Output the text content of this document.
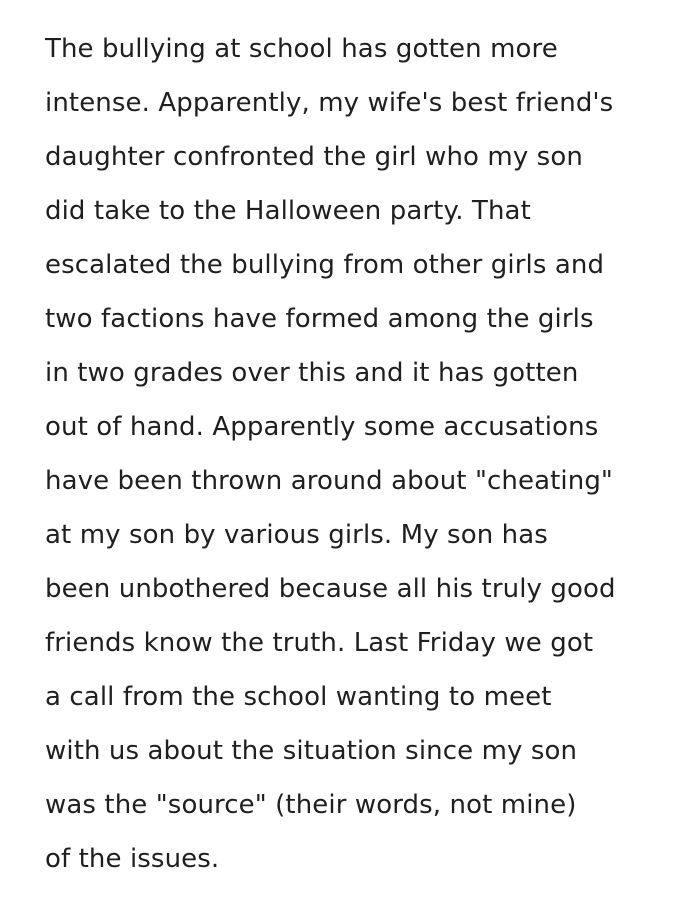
The bullying at school has gotten more
intense. Apparently, my wife's best friend's
daughter confronted the girl who my son
did take to the Halloween party. That
escalated the bullying from other girls and
two factions have formed among the girls
in two grades over this and it has gotten
out of hand. Apparently some accusations
have been thrown around about "cheating"
at my son by various girls. My son has
been unbothered because all his truly good
friends know the truth. Last Friday we got
a call from the school wanting to meet
with us about the situation since my son
was the "source" (their words, not mine)
of the issues.
